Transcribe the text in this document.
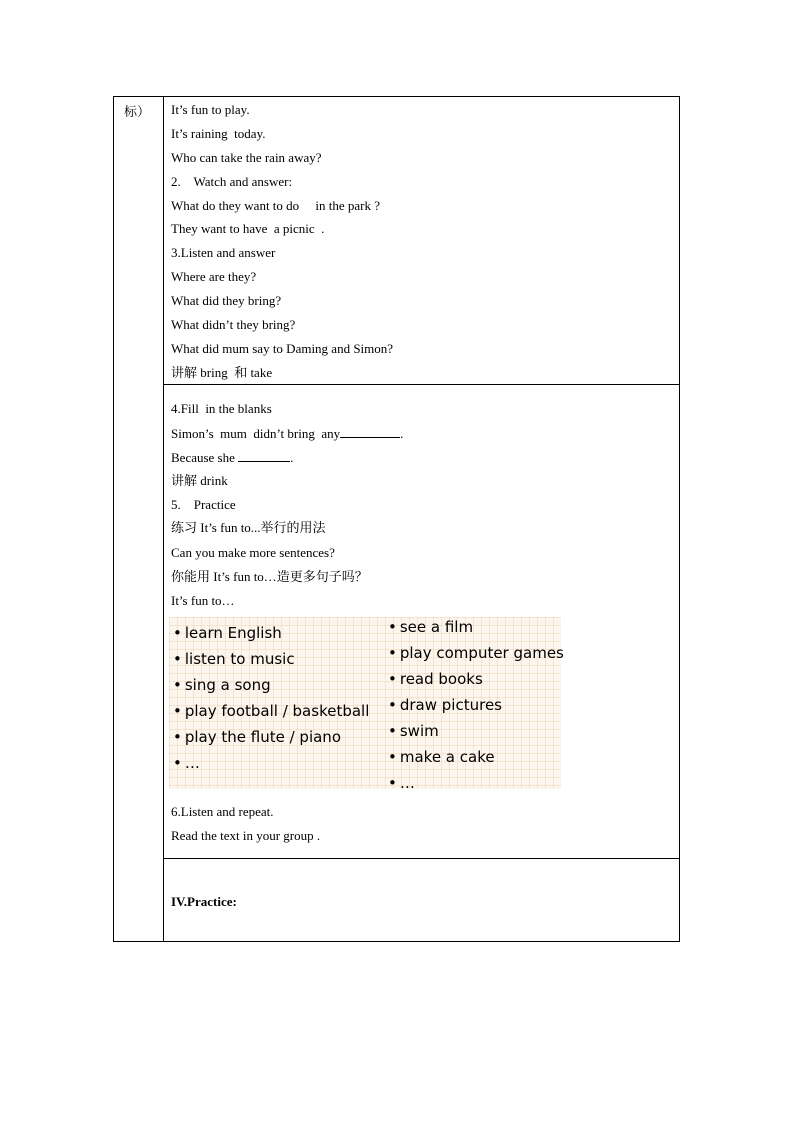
标） It’s fun to play.
It’s raining  today.
Who can take the rain away?
2.    Watch and answer:
What do they want to do     in the park ?
They want to have  a picnic  .
3.Listen and answer
Where are they?
What did they bring?
What didn’t they bring?
What did mum say to Daming and Simon?
讲解 bring  和 take
4.Fill  in the blanks
Simon’s  mum  didn’t bring  any	.
Because she	.
讲解 drink
5.    Practice
练习 It’s fun to...举行的用法
Can you make more sentences?
你能用 It’s fun to…造更多句子吗？
It’s fun to…
6.Listen and repeat.
Read the text in your group .
IV.Practice:
• learn English
• listen to music
• sing a song
• play football / basketball
• play the flute / piano
• …
• see a film
• play computer games
• read books
• draw pictures
• swim
• make a cake
• …
